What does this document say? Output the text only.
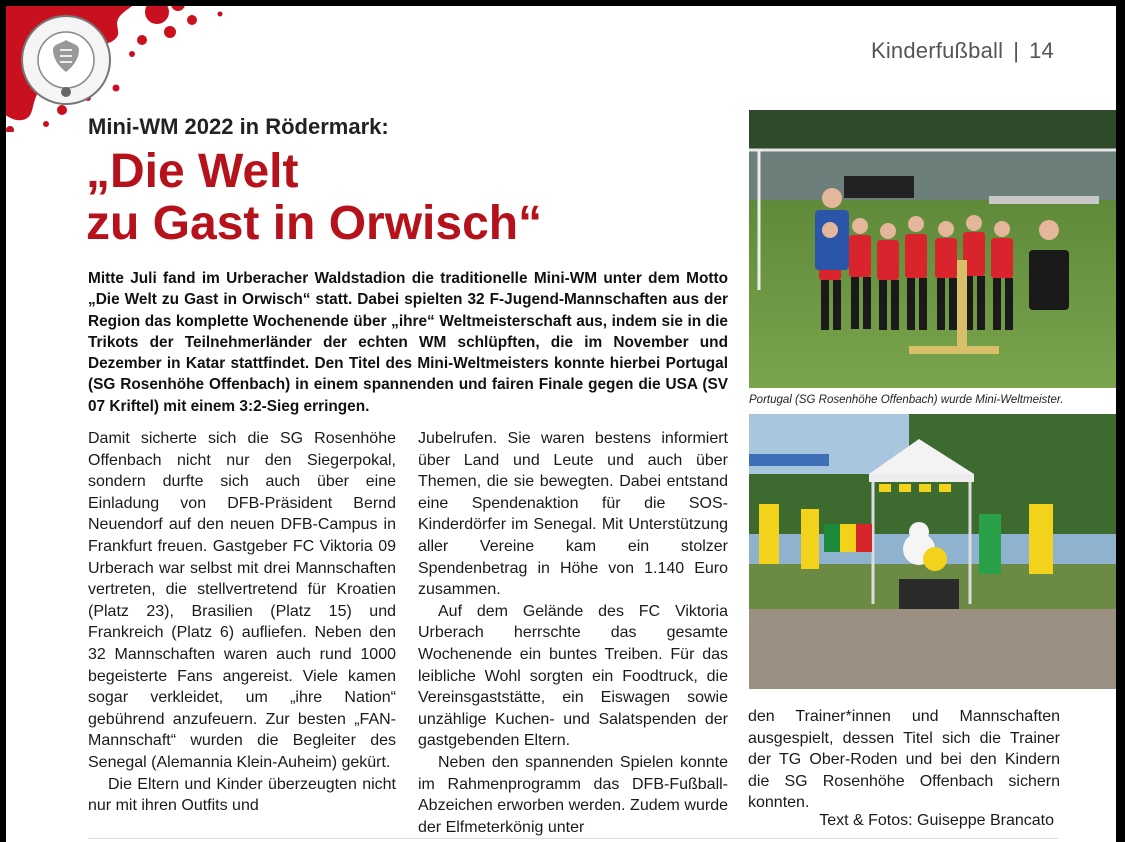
Kinderfußball | 14
Mini-WM 2022 in Rödermark:
„Die Welt
zu Gast in Orwisch“
Mitte Juli fand im Urberacher Waldstadion die traditionelle Mini-WM unter dem Motto „Die Welt zu Gast in Orwisch“ statt. Dabei spielten 32 F-Jugend-Mannschaften aus der Region das komplette Wochenende über „ihre“ Weltmeisterschaft aus, indem sie in die Trikots der Teilnehmerländer der echten WM schlüpften, die im November und Dezember in Katar stattfindet. Den Titel des Mini-Weltmeisters konnte hierbei Portugal (SG Rosenhöhe Offenbach) in einem spannenden und fairen Finale gegen die USA (SV 07 Kriftel) mit einem 3:2-Sieg erringen.

Damit sicherte sich die SG Rosenhöhe Offenbach nicht nur den Siegerpokal, sondern durfte sich auch über eine Einladung von DFB-Präsident Bernd Neuendorf auf den neuen DFB-Campus in Frankfurt freuen. Gastgeber FC Viktoria 09 Urberach war selbst mit drei Mannschaften vertreten, die stellvertretend für Kroatien (Platz 23), Brasilien (Platz 15) und Frankreich (Platz 6) aufliefen. Neben den 32 Mannschaften waren auch rund 1000 begeisterte Fans angereist. Viele kamen sogar verkleidet, um „ihre Nation“ gebührend anzufeuern. Zur besten „FAN-Mannschaft“ wurden die Begleiter des Senegal (Alemannia Klein-Auheim) gekürt.

Die Eltern und Kinder überzeugten nicht nur mit ihren Outfits und

Jubelrufen. Sie waren bestens informiert über Land und Leute und auch über Themen, die sie bewegten. Dabei entstand eine Spendenaktion für die SOS-Kinderdörfer im Senegal. Mit Unterstützung aller Vereine kam ein stolzer Spendenbetrag in Höhe von 1.140 Euro zusammen.

Auf dem Gelände des FC Viktoria Urberach herrschte das gesamte Wochenende ein buntes Treiben. Für das leibliche Wohl sorgten ein Foodtruck, die Vereinsgaststätte, ein Eiswagen sowie unzählige Kuchen- und Salatspenden der gastgebenden Eltern.

Neben den spannenden Spielen konnte im Rahmenprogramm das DFB-Fußball-Abzeichen erworben werden. Zudem wurde der Elfmeterkönig unter

den Trainer*innen und Mannschaften ausgespielt, dessen Titel sich die Trainer der TG Ober-Roden und bei den Kindern die SG Rosenhöhe Offenbach sichern konnten.

Text & Fotos: Guiseppe Brancato
Portugal (SG Rosenhöhe Offenbach) wurde Mini-Weltmeister.
